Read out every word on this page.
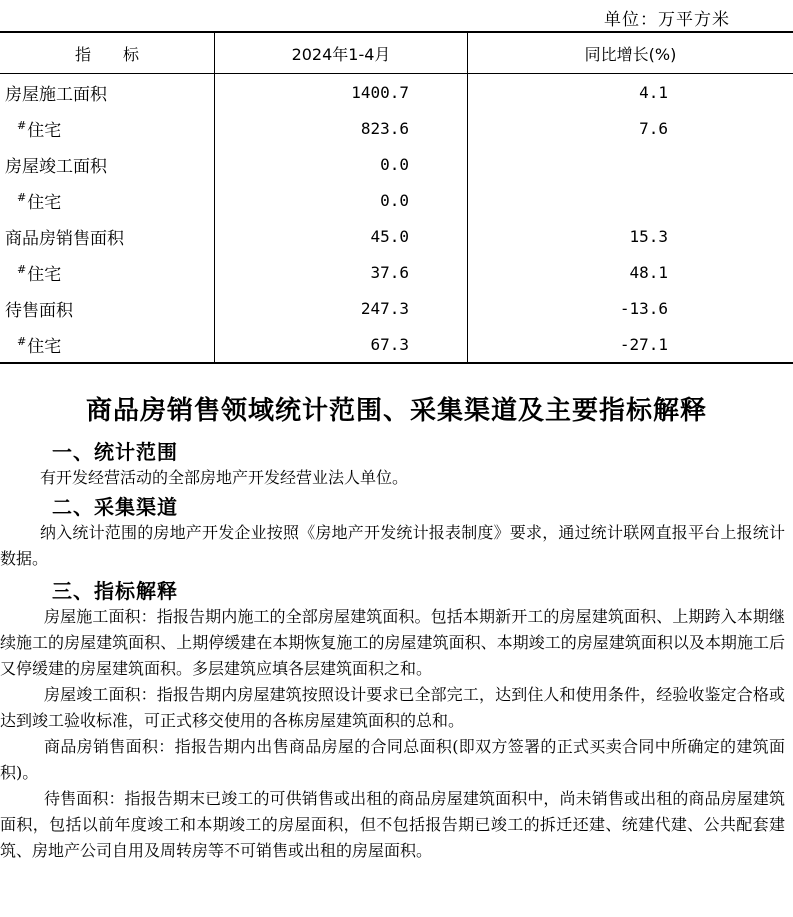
单位：万平方米
指　　标	2024年1-4月	同比增长(%)
房屋施工面积	1400.7	4.1
#住宅	823.6	7.6
房屋竣工面积	0.0	
#住宅	0.0	
商品房销售面积	45.0	15.3
#住宅	37.6	48.1
待售面积	247.3	-13.6
#住宅	67.3	-27.1
商品房销售领域统计范围、采集渠道及主要指标解释
一、统计范围

有开发经营活动的全部房地产开发经营业法人单位。

二、采集渠道

纳入统计范围的房地产开发企业按照《房地产开发统计报表制度》要求，通过统计联网直报平台上报统计数据。

三、指标解释

房屋施工面积：指报告期内施工的全部房屋建筑面积。包括本期新开工的房屋建筑面积、上期跨入本期继续施工的房屋建筑面积、上期停缓建在本期恢复施工的房屋建筑面积、本期竣工的房屋建筑面积以及本期施工后又停缓建的房屋建筑面积。多层建筑应填各层建筑面积之和。

房屋竣工面积：指报告期内房屋建筑按照设计要求已全部完工，达到住人和使用条件，经验收鉴定合格或达到竣工验收标准，可正式移交使用的各栋房屋建筑面积的总和。

商品房销售面积：指报告期内出售商品房屋的合同总面积(即双方签署的正式买卖合同中所确定的建筑面积)。

待售面积：指报告期末已竣工的可供销售或出租的商品房屋建筑面积中，尚未销售或出租的商品房屋建筑面积，包括以前年度竣工和本期竣工的房屋面积，但不包括报告期已竣工的拆迁还建、统建代建、公共配套建筑、房地产公司自用及周转房等不可销售或出租的房屋面积。
